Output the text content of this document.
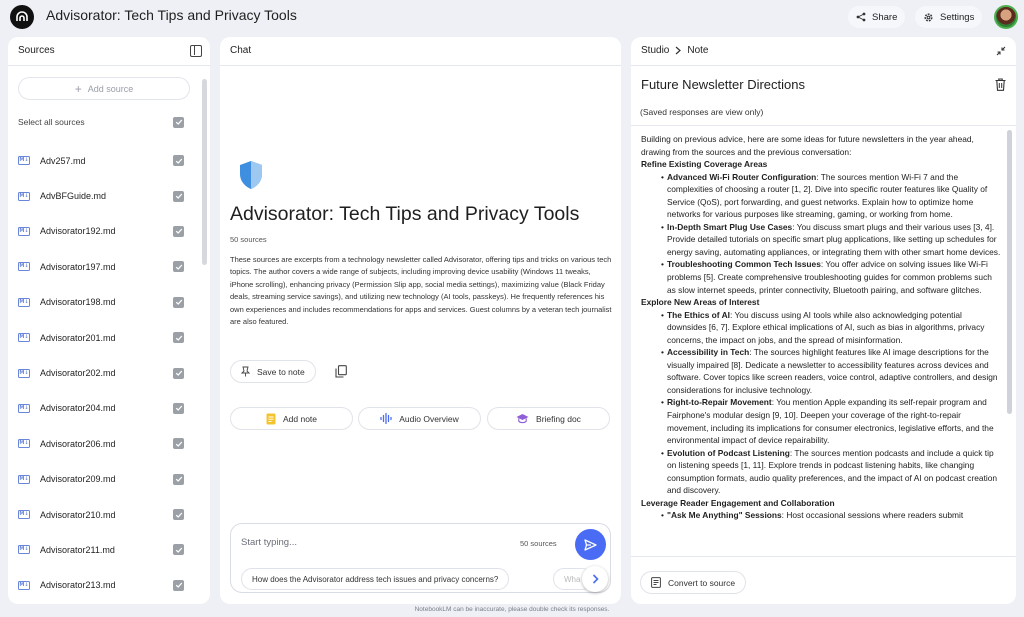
Advisorator: Tech Tips and Privacy Tools	Share	Settings
Sources
+ Add source
Select all sources
M↓ Adv257.md
M↓ AdvBFGuide.md
M↓ Advisorator192.md
M↓ Advisorator197.md
M↓ Advisorator198.md
M↓ Advisorator201.md
M↓ Advisorator202.md
M↓ Advisorator204.md
M↓ Advisorator206.md
M↓ Advisorator209.md
M↓ Advisorator210.md
M↓ Advisorator211.md
M↓ Advisorator213.md
Chat
Advisorator: Tech Tips and Privacy Tools
50 sources
These sources are excerpts from a technology newsletter called Advisorator, offering tips and tricks on various tech topics. The author covers a wide range of subjects, including improving device usability (Windows 11 tweaks, iPhone scrolling), enhancing privacy (Permission Slip app, social media settings), maximizing value (Black Friday deals, streaming service savings), and utilizing new technology (AI tools, passkeys). He frequently references his own experiences and includes recommendations for apps and services. Guest columns by a veteran tech journalist are also featured.
Save to note
Add note	Audio Overview	Briefing doc
Start typing...	50 sources
How does the Advisorator address tech issues and privacy concerns?	Wha
Studio Note
Future Newsletter Directions
(Saved responses are view only)
Building on previous advice, here are some ideas for future newsletters in the year ahead, drawing from the sources and the previous conversation:
Refine Existing Coverage Areas
• Advanced Wi-Fi Router Configuration: The sources mention Wi-Fi 7 and the complexities of choosing a router [1, 2]. Dive into specific router features like Quality of Service (QoS), port forwarding, and guest networks. Explain how to optimize home networks for various purposes like streaming, gaming, or working from home.
• In-Depth Smart Plug Use Cases: You discuss smart plugs and their various uses [3, 4]. Provide detailed tutorials on specific smart plug applications, like setting up schedules for energy saving, automating appliances, or integrating them with other smart home devices.
• Troubleshooting Common Tech Issues: You offer advice on solving issues like Wi-Fi problems [5]. Create comprehensive troubleshooting guides for common problems such as slow internet speeds, printer connectivity, Bluetooth pairing, and software glitches.
Explore New Areas of Interest
• The Ethics of AI: You discuss using AI tools while also acknowledging potential downsides [6, 7]. Explore ethical implications of AI, such as bias in algorithms, privacy concerns, the impact on jobs, and the spread of misinformation.
• Accessibility in Tech: The sources highlight features like AI image descriptions for the visually impaired [8]. Dedicate a newsletter to accessibility features across devices and software. Cover topics like screen readers, voice control, adaptive controllers, and design considerations for inclusive technology.
• Right-to-Repair Movement: You mention Apple expanding its self-repair program and Fairphone's modular design [9, 10]. Deepen your coverage of the right-to-repair movement, including its implications for consumer electronics, legislative efforts, and the environmental impact of device repairability.
• Evolution of Podcast Listening: The sources mention podcasts and include a quick tip on listening speeds [1, 11]. Explore trends in podcast listening habits, like changing consumption formats, audio quality preferences, and the impact of AI on podcast creation and discovery.
Leverage Reader Engagement and Collaboration
• "Ask Me Anything" Sessions: Host occasional sessions where readers submit
Convert to source
NotebookLM can be inaccurate, please double check its responses.
